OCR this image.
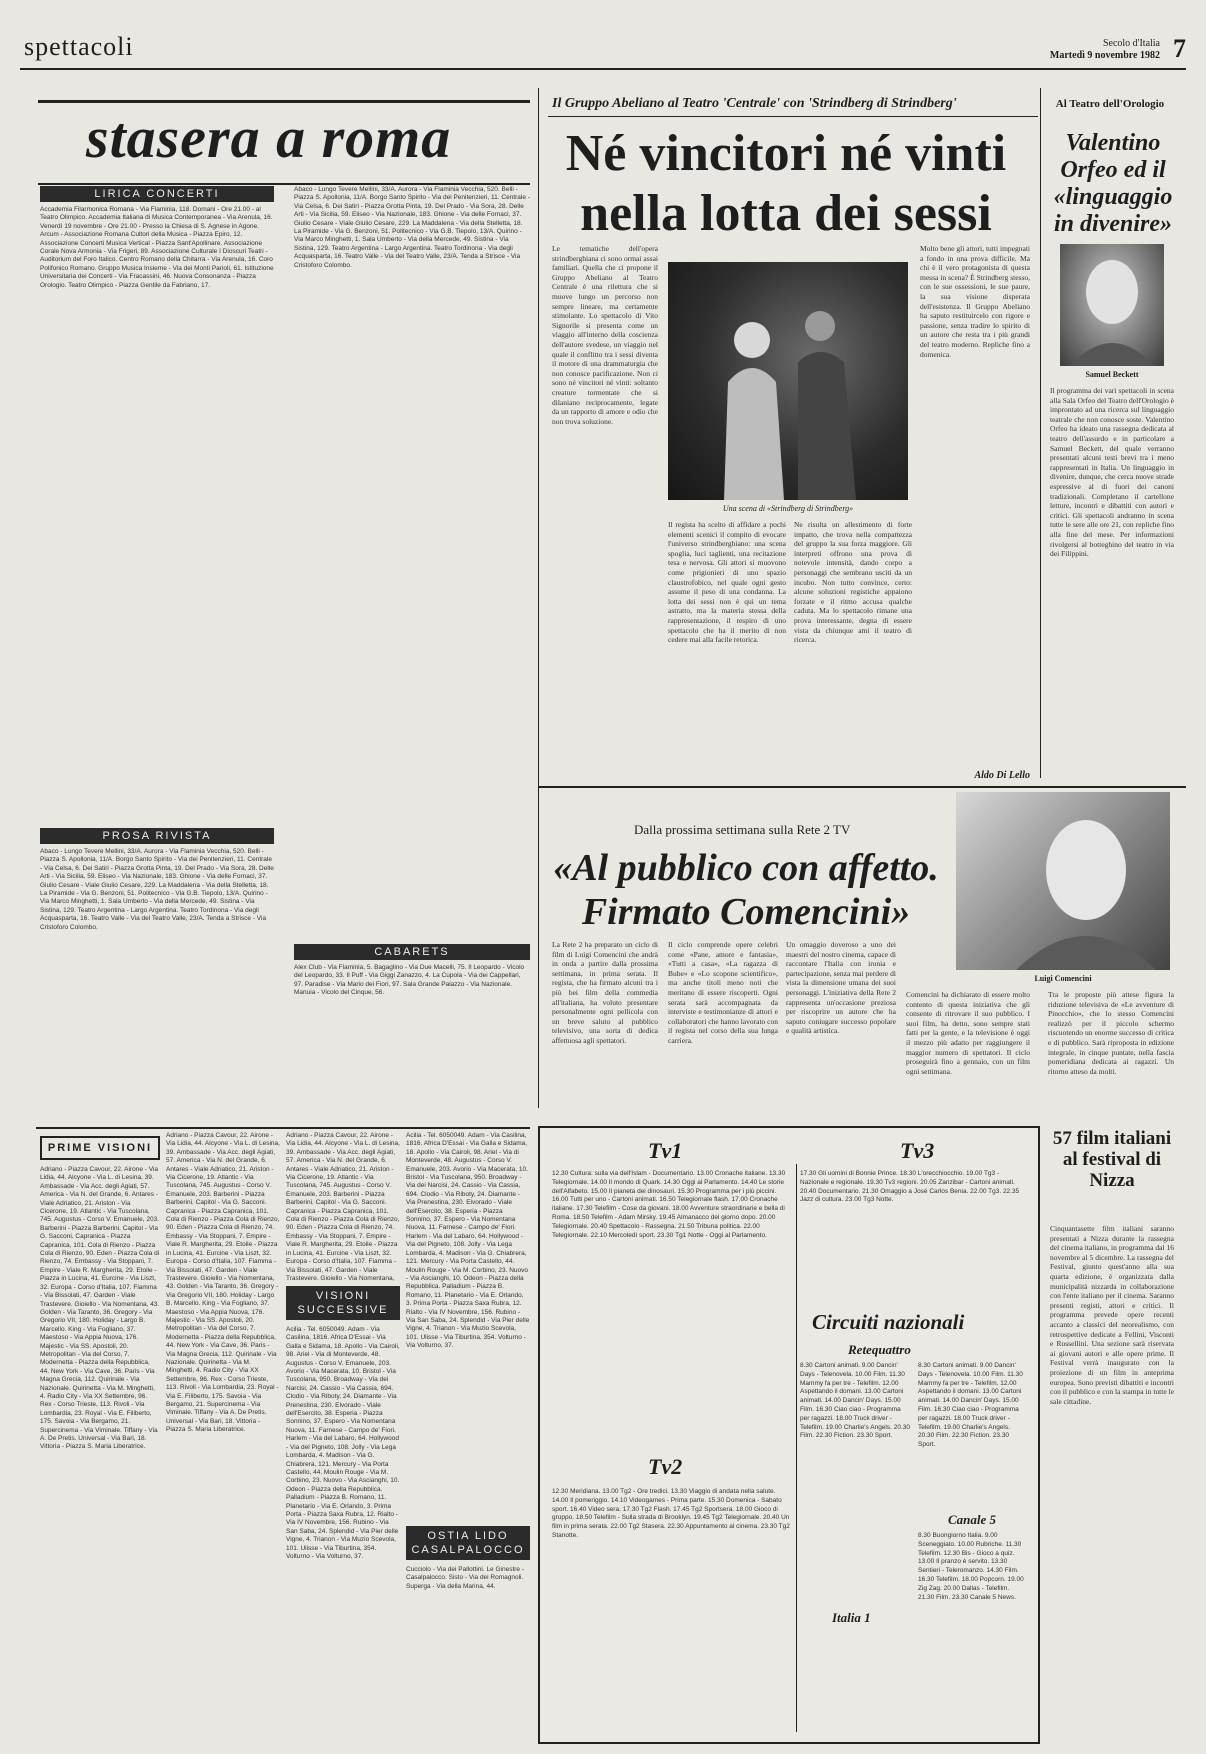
spettacoli	Secolo d'Italia
Martedì 9 novembre 1982 7
stasera a roma
LIRICA CONCERTI
Accademia Filarmonica Romana - Via Flaminia, 118. Domani - Ore 21.00 - al Teatro Olimpico. Accademia Italiana di Musica Contemporanea - Via Arenula, 16. Venerdì 19 novembre - Ore 21.00 - Presso la Chiesa di S. Agnese in Agone. Arcum - Associazione Romana Cultori della Musica - Piazza Epiro, 12. Associazione Concerti Musica Vertical - Piazza Sant'Apollinare. Associazione Corale Nova Armonia - Via Frigeri, 89. Associazione Culturale I Dioscuri Teatri - Auditorium del Foro Italico. Centro Romano della Chitarra - Via Arenula, 16. Coro Polifonico Romano. Gruppo Musica Insieme - Via dei Monti Parioli, 61. Istituzione Universitaria dei Concerti - Via Fracassini, 46. Nuova Consonanza - Piazza Orologio. Teatro Olimpico - Piazza Gentile da Fabriano, 17.
PROSA RIVISTA
Abaco - Lungo Tevere Mellini, 33/A. Aurora - Via Flaminia Vecchia, 520. Belli - Piazza S. Apollonia, 11/A. Borgo Santo Spirito - Via dei Penitenzieri, 11. Centrale - Via Celsa, 6. Dei Satiri - Piazza Grotta Pinta, 19. Del Prado - Via Sora, 28. Delle Arti - Via Sicilia, 59. Eliseo - Via Nazionale, 183. Ghione - Via delle Fornaci, 37. Giulio Cesare - Viale Giulio Cesare, 229. La Maddalena - Via della Stelletta, 18. La Piramide - Via G. Benzoni, 51. Politecnico - Via G.B. Tiepolo, 13/A. Quirino - Via Marco Minghetti, 1. Sala Umberto - Via della Mercede, 49. Sistina - Via Sistina, 129. Teatro Argentina - Largo Argentina. Teatro Tordinona - Via degli Acquasparta, 16. Teatro Valle - Via del Teatro Valle, 23/A. Tenda a Strisce - Via Cristoforo Colombo.
Abaco - Lungo Tevere Mellini, 33/A. Aurora - Via Flaminia Vecchia, 520. Belli - Piazza S. Apollonia, 11/A. Borgo Santo Spirito - Via dei Penitenzieri, 11. Centrale - Via Celsa, 6. Dei Satiri - Piazza Grotta Pinta, 19. Del Prado - Via Sora, 28. Delle Arti - Via Sicilia, 59. Eliseo - Via Nazionale, 183. Ghione - Via delle Fornaci, 37. Giulio Cesare - Viale Giulio Cesare, 229. La Maddalena - Via della Stelletta, 18. La Piramide - Via G. Benzoni, 51. Politecnico - Via G.B. Tiepolo, 13/A. Quirino - Via Marco Minghetti, 1. Sala Umberto - Via della Mercede, 49. Sistina - Via Sistina, 129. Teatro Argentina - Largo Argentina. Teatro Tordinona - Via degli Acquasparta, 16. Teatro Valle - Via del Teatro Valle, 23/A. Tenda a Strisce - Via Cristoforo Colombo.
CABARETS
Alex Club - Via Flaminia, 5. Bagaglino - Via Due Macelli, 75. Il Leopardo - Vicolo del Leopardo, 33. Il Puff - Via Giggi Zanazzo, 4. La Cupola - Via dei Cappellari, 97. Paradise - Via Mario dei Fiori, 97. Sala Grande Palazzo - Via Nazionale. Manuia - Vicolo del Cinque, 56.
PRIME VISIONI
Adriano - Piazza Cavour, 22. Airone - Via Lidia, 44. Alcyone - Via L. di Lesina, 39. Ambassade - Via Acc. degli Agiati, 57. America - Via N. del Grande, 6. Antares - Viale Adriatico, 21. Ariston - Via Cicerone, 19. Atlantic - Via Tuscolana, 745. Augustus - Corso V. Emanuele, 203. Barberini - Piazza Barberini. Capitol - Via G. Sacconi. Capranica - Piazza Capranica, 101. Cola di Rienzo - Piazza Cola di Rienzo, 90. Eden - Piazza Cola di Rienzo, 74. Embassy - Via Stoppani, 7. Empire - Viale R. Margherita, 29. Etoile - Piazza in Lucina, 41. Eurcine - Via Liszt, 32. Europa - Corso d'Italia, 107. Fiamma - Via Bissolati, 47. Garden - Viale Trastevere. Gioiello - Via Nomentana, 43. Golden - Via Taranto, 36. Gregory - Via Gregorio VII, 180. Holiday - Largo B. Marcello. King - Via Fogliano, 37. Maestoso - Via Appia Nuova, 176. Majestic - Via SS. Apostoli, 20. Metropolitan - Via del Corso, 7. Modernetta - Piazza della Repubblica, 44. New York - Via Cave, 36. Paris - Via Magna Grecia, 112. Quirinale - Via Nazionale. Quirinetta - Via M. Minghetti, 4. Radio City - Via XX Settembre, 96. Rex - Corso Trieste, 113. Rivoli - Via Lombardia, 23. Royal - Via E. Filiberto, 175. Savoia - Via Bergamo, 21. Supercinema - Via Viminale. Tiffany - Via A. De Pretis. Universal - Via Bari, 18. Vittoria - Piazza S. Maria Liberatrice.
Adriano - Piazza Cavour, 22. Airone - Via Lidia, 44. Alcyone - Via L. di Lesina, 39. Ambassade - Via Acc. degli Agiati, 57. America - Via N. del Grande, 6. Antares - Viale Adriatico, 21. Ariston - Via Cicerone, 19. Atlantic - Via Tuscolana, 745. Augustus - Corso V. Emanuele, 203. Barberini - Piazza Barberini. Capitol - Via G. Sacconi. Capranica - Piazza Capranica, 101. Cola di Rienzo - Piazza Cola di Rienzo, 90. Eden - Piazza Cola di Rienzo, 74. Embassy - Via Stoppani, 7. Empire - Viale R. Margherita, 29. Etoile - Piazza in Lucina, 41. Eurcine - Via Liszt, 32. Europa - Corso d'Italia, 107. Fiamma - Via Bissolati, 47. Garden - Viale Trastevere. Gioiello - Via Nomentana, 43. Golden - Via Taranto, 36. Gregory - Via Gregorio VII, 180. Holiday - Largo B. Marcello. King - Via Fogliano, 37. Maestoso - Via Appia Nuova, 176. Majestic - Via SS. Apostoli, 20. Metropolitan - Via del Corso, 7. Modernetta - Piazza della Repubblica, 44. New York - Via Cave, 36. Paris - Via Magna Grecia, 112. Quirinale - Via Nazionale. Quirinetta - Via M. Minghetti, 4. Radio City - Via XX Settembre, 96. Rex - Corso Trieste, 113. Rivoli - Via Lombardia, 23. Royal - Via E. Filiberto, 175. Savoia - Via Bergamo, 21. Supercinema - Via Viminale. Tiffany - Via A. De Pretis. Universal - Via Bari, 18. Vittoria - Piazza S. Maria Liberatrice.
Adriano - Piazza Cavour, 22. Airone - Via Lidia, 44. Alcyone - Via L. di Lesina, 39. Ambassade - Via Acc. degli Agiati, 57. America - Via N. del Grande, 6. Antares - Viale Adriatico, 21. Ariston - Via Cicerone, 19. Atlantic - Via Tuscolana, 745. Augustus - Corso V. Emanuele, 203. Barberini - Piazza Barberini. Capitol - Via G. Sacconi. Capranica - Piazza Capranica, 101. Cola di Rienzo - Piazza Cola di Rienzo, 90. Eden - Piazza Cola di Rienzo, 74. Embassy - Via Stoppani, 7. Empire - Viale R. Margherita, 29. Etoile - Piazza in Lucina, 41. Eurcine - Via Liszt, 32. Europa - Corso d'Italia, 107. Fiamma - Via Bissolati, 47. Garden - Viale Trastevere. Gioiello - Via Nomentana,
VISIONI SUCCESSIVE
Acilia - Tel. 6050049. Adam - Via Casilina, 1816. Africa D'Essai - Via Galla e Sidama, 18. Apollo - Via Cairoli, 98. Ariel - Via di Monteverde, 48. Augustus - Corso V. Emanuele, 203. Avorio - Via Macerata, 10. Bristol - Via Tuscolana, 950. Broadway - Via dei Narcisi, 24. Cassio - Via Cassia, 694. Clodio - Via Riboty, 24. Diamante - Via Prenestina, 230. Elvorado - Viale dell'Esercito, 38. Esperia - Piazza Sonnino, 37. Espero - Via Nomentana Nuova, 11. Farnese - Campo de' Fiori. Harlem - Via del Labaro, 64. Hollywood - Via del Pigneto, 108. Jolly - Via Lega Lombarda, 4. Madison - Via G. Chiabrera, 121. Mercury - Via Porta Castello, 44. Moulin Rouge - Via M. Corbino, 23. Nuovo - Via Ascianghi, 10. Odeon - Piazza della Repubblica. Palladium - Piazza B. Romano, 11. Planetario - Via E. Orlando, 3. Prima Porta - Piazza Saxa Rubra, 12. Rialto - Via IV Novembre, 156. Rubino - Via San Saba, 24. Splendid - Via Pier delle Vigne, 4. Trianon - Via Muzio Scevola, 101. Ulisse - Via Tiburtina, 354. Volturno - Via Volturno, 37.
Acilia - Tel. 6050049. Adam - Via Casilina, 1816. Africa D'Essai - Via Galla e Sidama, 18. Apollo - Via Cairoli, 98. Ariel - Via di Monteverde, 48. Augustus - Corso V. Emanuele, 203. Avorio - Via Macerata, 10. Bristol - Via Tuscolana, 950. Broadway - Via dei Narcisi, 24. Cassio - Via Cassia, 694. Clodio - Via Riboty, 24. Diamante - Via Prenestina, 230. Elvorado - Viale dell'Esercito, 38. Esperia - Piazza Sonnino, 37. Espero - Via Nomentana Nuova, 11. Farnese - Campo de' Fiori. Harlem - Via del Labaro, 64. Hollywood - Via del Pigneto, 108. Jolly - Via Lega Lombarda, 4. Madison - Via G. Chiabrera, 121. Mercury - Via Porta Castello, 44. Moulin Rouge - Via M. Corbino, 23. Nuovo - Via Ascianghi, 10. Odeon - Piazza della Repubblica. Palladium - Piazza B. Romano, 11. Planetario - Via E. Orlando, 3. Prima Porta - Piazza Saxa Rubra, 12. Rialto - Via IV Novembre, 156. Rubino - Via San Saba, 24. Splendid - Via Pier delle Vigne, 4. Trianon - Via Muzio Scevola, 101. Ulisse - Via Tiburtina, 354. Volturno - Via Volturno, 37.
OSTIA LIDO CASALPALOCCO
Cucciolo - Via dei Pallottini. Le Ginestre - Casalpalocco. Sisto - Via dei Romagnoli. Superga - Via della Marina, 44.
Il Gruppo Abeliano al Teatro 'Centrale' con 'Strindberg di Strindberg'
Né vincitori né vinti nella lotta dei sessi
Le tematiche dell'opera strindberghiana ci sono ormai assai familiari. Quella che ci propone il Gruppo Abeliano al Teatro Centrale è una rilettura che si muove lungo un percorso non sempre lineare, ma certamente stimolante. Lo spettacolo di Vito Signorile si presenta come un viaggio all'interno della coscienza dell'autore svedese, un viaggio nel quale il conflitto tra i sessi diventa il motore di una drammaturgia che non conosce pacificazione. Non ci sono né vincitori né vinti: soltanto creature tormentate che si dilaniano reciprocamente, legate da un rapporto di amore e odio che non trova soluzione.
Una scena di «Strindberg di Strindberg»
Il regista ha scelto di affidare a pochi elementi scenici il compito di evocare l'universo strindberghiano: una scena spoglia, luci taglienti, una recitazione tesa e nervosa. Gli attori si muovono come prigionieri di uno spazio claustrofobico, nel quale ogni gesto assume il peso di una condanna. La lotta dei sessi non è qui un tema astratto, ma la materia stessa della rappresentazione, il respiro di uno spettacolo che ha il merito di non cedere mai alla facile retorica.
Ne risulta un allestimento di forte impatto, che trova nella compattezza del gruppo la sua forza maggiore. Gli interpreti offrono una prova di notevole intensità, dando corpo a personaggi che sembrano usciti da un incubo. Non tutto convince, certo: alcune soluzioni registiche appaiono forzate e il ritmo accusa qualche caduta. Ma lo spettacolo rimane una prova interessante, degna di essere vista da chiunque ami il teatro di ricerca.
Molto bene gli attori, tutti impegnati a fondo in una prova difficile. Ma chi è il vero protagonista di questa messa in scena? È Strindberg stesso, con le sue ossessioni, le sue paure, la sua visione disperata dell'esistenza. Il Gruppo Abeliano ha saputo restituircelo con rigore e passione, senza tradire lo spirito di un autore che resta tra i più grandi del teatro moderno. Repliche fino a domenica.
Aldo Di Lello
Al Teatro dell'Orologio
Valentino Orfeo ed il «linguaggio in divenire»
Samuel Beckett
Il programma dei vari spettacoli in scena alla Sala Orfeo del Teatro dell'Orologio è improntato ad una ricerca sul linguaggio teatrale che non conosce soste. Valentino Orfeo ha ideato una rassegna dedicata al teatro dell'assurdo e in particolare a Samuel Beckett, del quale verranno presentati alcuni testi brevi tra i meno rappresentati in Italia. Un linguaggio in divenire, dunque, che cerca nuove strade espressive al di fuori dei canoni tradizionali. Completano il cartellone letture, incontri e dibattiti con autori e critici. Gli spettacoli andranno in scena tutte le sere alle ore 21, con repliche fino alla fine del mese. Per informazioni rivolgersi al botteghino del teatro in via dei Filippini.
Dalla prossima settimana sulla Rete 2 TV
«Al pubblico con affetto. Firmato Comencini»
Luigi Comencini
La Rete 2 ha preparato un ciclo di film di Luigi Comencini che andrà in onda a partire dalla prossima settimana, in prima serata. Il regista, che ha firmato alcuni tra i più bei film della commedia all'italiana, ha voluto presentare personalmente ogni pellicola con un breve saluto al pubblico televisivo, una sorta di dedica affettuosa agli spettatori.
Il ciclo comprende opere celebri come «Pane, amore e fantasia», «Tutti a casa», «La ragazza di Bube» e «Lo scopone scientifico», ma anche titoli meno noti che meritano di essere riscoperti. Ogni serata sarà accompagnata da interviste e testimonianze di attori e collaboratori che hanno lavorato con il regista nel corso della sua lunga carriera.
Un omaggio doveroso a uno dei maestri del nostro cinema, capace di raccontare l'Italia con ironia e partecipazione, senza mai perdere di vista la dimensione umana dei suoi personaggi. L'iniziativa della Rete 2 rappresenta un'occasione preziosa per riscoprire un autore che ha saputo coniugare successo popolare e qualità artistica.
Comencini ha dichiarato di essere molto contento di questa iniziativa che gli consente di ritrovare il suo pubblico. I suoi film, ha detto, sono sempre stati fatti per la gente, e la televisione è oggi il mezzo più adatto per raggiungere il maggior numero di spettatori. Il ciclo proseguirà fino a gennaio, con un film ogni settimana.
Tra le proposte più attese figura la riduzione televisiva de «Le avventure di Pinocchio», che lo stesso Comencini realizzò per il piccolo schermo riscuotendo un enorme successo di critica e di pubblico. Sarà riproposta in edizione integrale, in cinque puntate, nella fascia pomeridiana dedicata ai ragazzi. Un ritorno atteso da molti.
Tv1	Tv3
12.30 Cultura: sulla via dell'Islam - Documentario. 13.00 Cronache italiane. 13.30 Telegiornale. 14.00 Il mondo di Quark. 14.30 Oggi al Parlamento. 14.40 Le storie dell'Alfabeto. 15.00 Il pianeta dei dinosauri. 15.30 Programma per i più piccini. 16.00 Tutti per uno - Cartoni animati. 16.50 Telegiornale flash. 17.00 Cronache italiane. 17.30 Telefilm - Cose da giovani. 18.00 Avventure straordinarie e bella di Roma. 18.50 Telefilm - Adam Mirsky. 19.45 Almanacco del giorno dopo. 20.00 Telegiornale. 20.40 Spettacolo - Rassegna. 21.50 Tribuna politica. 22.00 Telegiornale. 22.10 Mercoledì sport. 23.30 Tg1 Notte - Oggi al Parlamento.
17.30 Gli uomini di Bonnie Prince. 18.30 L'orecchiocchio. 19.00 Tg3 - Nazionale e regionale. 19.30 Tv3 regioni. 20.05 Zanzibar - Cartoni animati. 20.40 Documentario. 21.30 Omaggio a José Carlos Benia. 22.00 Tg3. 22.35 Jazz di cultura. 23.00 Tg3 Notte.
Circuiti nazionali
Retequattro
8.30 Cartoni animati. 9.00 Dancin' Days - Telenovela. 10.00 Film. 11.30 Mammy fa per tre - Telefilm. 12.00 Aspettando il domani. 13.00 Cartoni animati. 14.00 Dancin' Days. 15.00 Film. 16.30 Ciao ciao - Programma per ragazzi. 18.00 Truck driver - Telefilm. 19.00 Charlie's Angels. 20.30 Film. 22.30 Fiction. 23.30 Sport.
8.30 Cartoni animati. 9.00 Dancin' Days - Telenovela. 10.00 Film. 11.30 Mammy fa per tre - Telefilm. 12.00 Aspettando il domani. 13.00 Cartoni animati. 14.00 Dancin' Days. 15.00 Film. 16.30 Ciao ciao - Programma per ragazzi. 18.00 Truck driver - Telefilm. 19.00 Charlie's Angels. 20.30 Film. 22.30 Fiction. 23.30 Sport.
Canale 5
8.30 Buongiorno Italia. 9.00 Sceneggiato. 10.00 Rubriche. 11.30 Telefilm. 12.30 Bis - Gioco a quiz. 13.00 Il pranzo è servito. 13.30 Sentieri - Teleromanzo. 14.30 Film. 16.30 Telefilm. 18.00 Popcorn. 19.00 Zig Zag. 20.00 Dallas - Telefilm. 21.30 Film. 23.30 Canale 5 News.
Tv2
12.30 Meridiana. 13.00 Tg2 - Ore tredici. 13.30 Viaggio di andata nella salute. 14.00 Il pomeriggio. 14.10 Videogames - Prima parte. 15.30 Domenica - Sabato sport. 16.40 Video sera. 17.30 Tg2 Flash. 17.45 Tg2 Sportsera. 18.00 Gioco di gruppo. 18.50 Telefilm - Sulla strada di Brooklyn. 19.45 Tg2 Telegiornale. 20.40 Un film in prima serata. 22.00 Tg2 Stasera. 22.30 Appuntamento al cinema. 23.30 Tg2 Stanotte.
Italia 1
57 film italiani al festival di Nizza
Cinquantasette film italiani saranno presentati a Nizza durante la rassegna del cinema italiano, in programma dal 16 novembre al 5 dicembre. La rassegna del Festival, giunto quest'anno alla sua quarta edizione, è organizzata dalla municipalità nizzarda in collaborazione con l'ente italiano per il cinema. Saranno presenti registi, attori e critici. Il programma prevede opere recenti accanto a classici del neorealismo, con retrospettive dedicate a Fellini, Visconti e Rossellini. Una sezione sarà riservata ai giovani autori e alle opere prime. Il Festival verrà inaugurato con la proiezione di un film in anteprima europea. Sono previsti dibattiti e incontri con il pubblico e con la stampa in tutte le sale cittadine.
